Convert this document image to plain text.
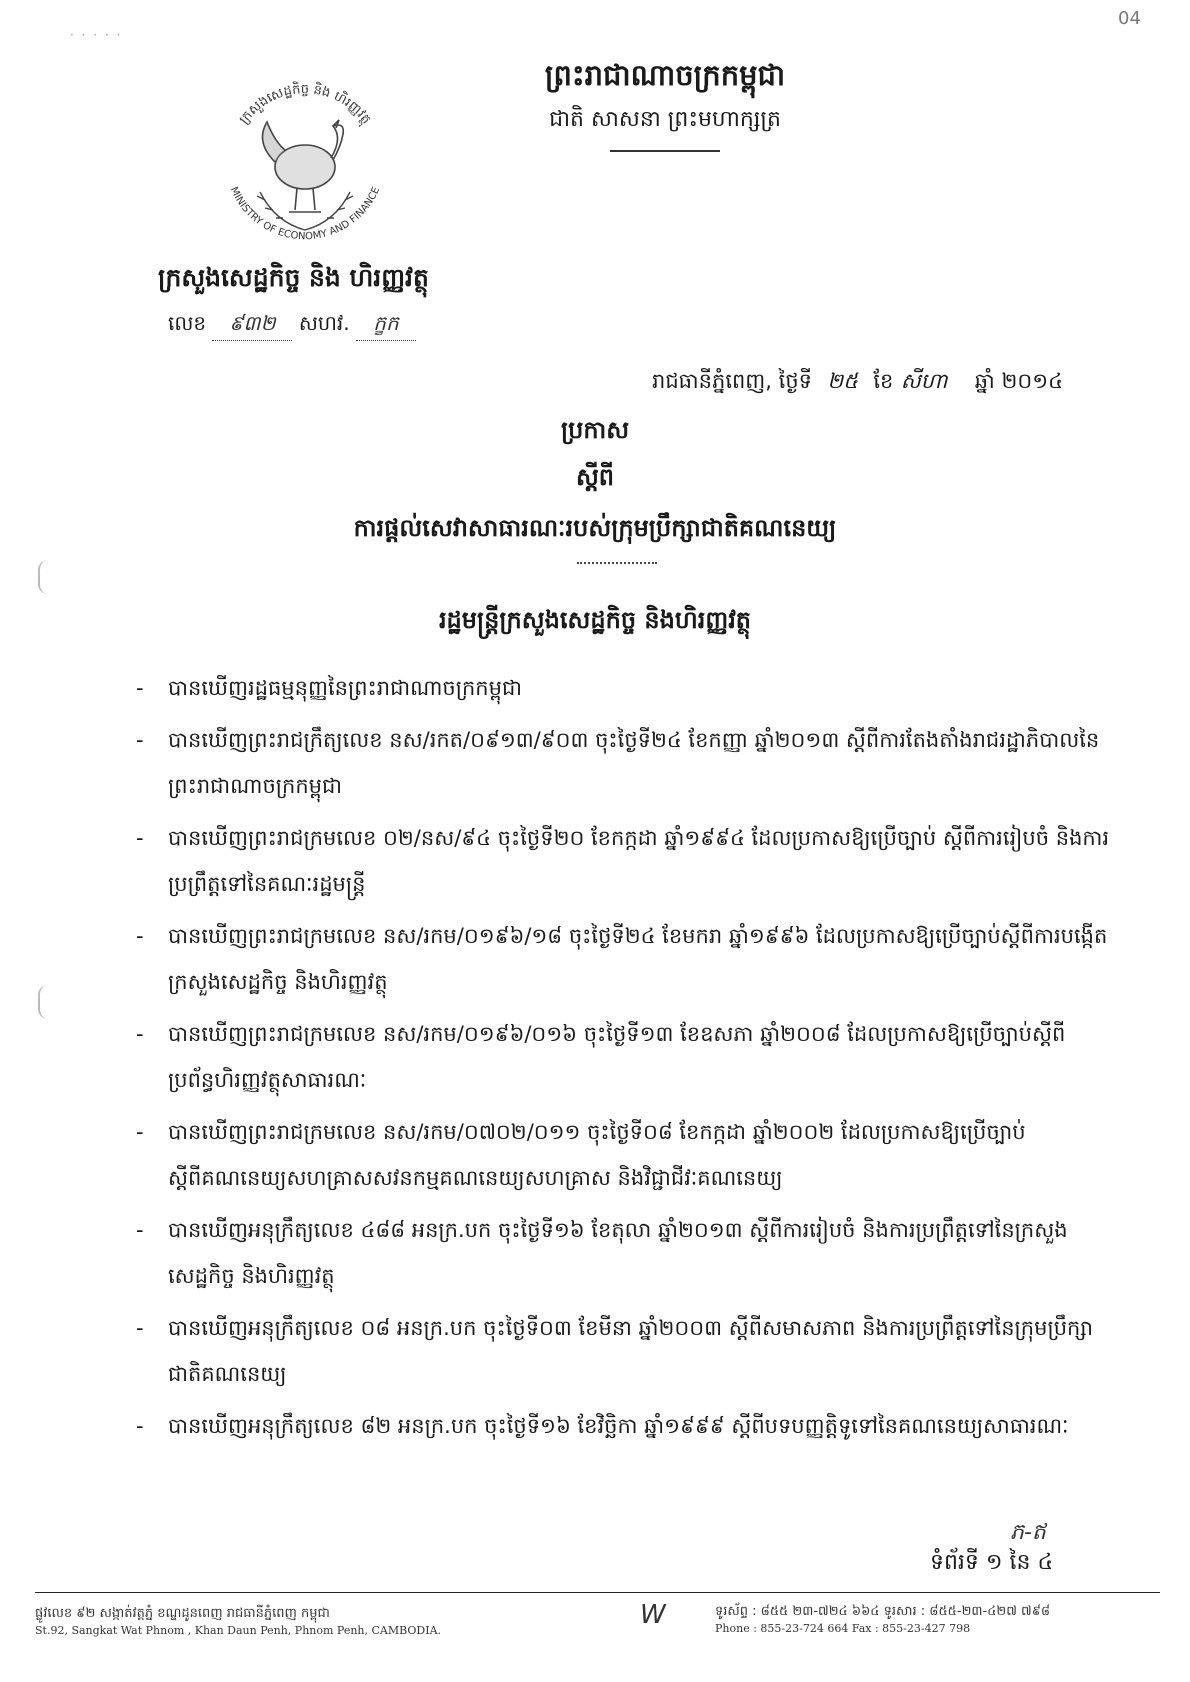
04
· · · · ·
ក្រសួងសេដ្ឋកិច្ច និង ហិរញ្ញវត្ថុ
MINISTRY OF ECONOMY AND FINANCE
ព្រះរាជាណាចក្រកម្ពុជា
ជាតិ សាសនា ព្រះមហាក្សត្រ
ក្រសួងសេដ្ឋកិច្ច និង ហិរញ្ញវត្ថុ
លេខ ៩៣២ សហវ. ក្ខក
រាជធានីភ្នំពេញ, ថ្ងៃទី ២៥ ខែ សីហា ឆ្នាំ ២០១៤
ប្រកាស
ស្តីពី
ការផ្តល់សេវាសាធារណៈរបស់ក្រុមប្រឹក្សាជាតិគណនេយ្យ
រដ្ឋមន្ត្រីក្រសួងសេដ្ឋកិច្ច និងហិរញ្ញវត្ថុ
- បានឃើញរដ្ឋធម្មនុញ្ញនៃព្រះរាជាណាចក្រកម្ពុជា
- បានឃើញព្រះរាជក្រឹត្យលេខ នស/រកត/០៩១៣/៩០៣ ចុះថ្ងៃទី២៤ ខែកញ្ញា ឆ្នាំ២០១៣ ស្តីពីការតែងតាំងរាជរដ្ឋាភិបាលនៃព្រះរាជាណាចក្រកម្ពុជា
- បានឃើញព្រះរាជក្រមលេខ ០២/នស/៩៤ ចុះថ្ងៃទី២០ ខែកក្កដា ឆ្នាំ១៩៩៤ ដែលប្រកាសឱ្យប្រើច្បាប់ ស្តីពីការរៀបចំ និងការប្រព្រឹត្តទៅនៃគណៈរដ្ឋមន្ត្រី
- បានឃើញព្រះរាជក្រមលេខ នស/រកម/០១៩៦/១៨ ចុះថ្ងៃទី២៤ ខែមករា ឆ្នាំ១៩៩៦ ដែលប្រកាសឱ្យប្រើច្បាប់ស្តីពីការបង្កើតក្រសួងសេដ្ឋកិច្ច និងហិរញ្ញវត្ថុ
- បានឃើញព្រះរាជក្រមលេខ នស/រកម/០១៩៦/០១៦ ចុះថ្ងៃទី១៣ ខែឧសភា ឆ្នាំ២០០៨ ដែលប្រកាសឱ្យប្រើច្បាប់ស្តីពីប្រព័ន្ធហិរញ្ញវត្ថុសាធារណៈ
- បានឃើញព្រះរាជក្រមលេខ នស/រកម/០៧០២/០១១ ចុះថ្ងៃទី០៨ ខែកក្កដា ឆ្នាំ២០០២ ដែលប្រកាសឱ្យប្រើច្បាប់ស្តីពីគណនេយ្យសហគ្រាសសវនកម្មគណនេយ្យសហគ្រាស និងវិជ្ជាជីវៈគណនេយ្យ
- បានឃើញអនុក្រឹត្យលេខ ៤៨៨ អនក្រ.បក ចុះថ្ងៃទី១៦ ខែតុលា ឆ្នាំ២០១៣ ស្តីពីការរៀបចំ និងការប្រព្រឹត្តទៅនៃក្រសួងសេដ្ឋកិច្ច និងហិរញ្ញវត្ថុ
- បានឃើញអនុក្រឹត្យលេខ ០៨ អនក្រ.បក ចុះថ្ងៃទី០៣ ខែមីនា ឆ្នាំ២០០៣ ស្តីពីសមាសភាព និងការប្រព្រឹត្តទៅនៃក្រុមប្រឹក្សាជាតិគណនេយ្យ
- បានឃើញអនុក្រឹត្យលេខ ៨២ អនក្រ.បក ចុះថ្ងៃទី១៦ ខែវិច្ឆិកា ឆ្នាំ១៩៩៩ ស្តីពីបទបញ្ញត្តិទូទៅនៃគណនេយ្យសាធារណៈ
ភ-ឥ
ទំព័រទី ១ នៃ ៤
ផ្លូវលេខ ៩២ សង្កាត់វត្តភ្នំ ខណ្ឌដូនពេញ រាជធានីភ្នំពេញ កម្ពុជា
St.92, Sangkat Wat Phnom , Khan Daun Penh, Phnom Penh, CAMBODIA.
W	ទូរស័ព្ទ : ៨៥៥ ២៣-៧២៤ ៦៦៤ ទូរសារ : ៨៥៥-២៣-៤២៧ ៧៩៨
Phone : 855-23-724 664 Fax : 855-23-427 798
